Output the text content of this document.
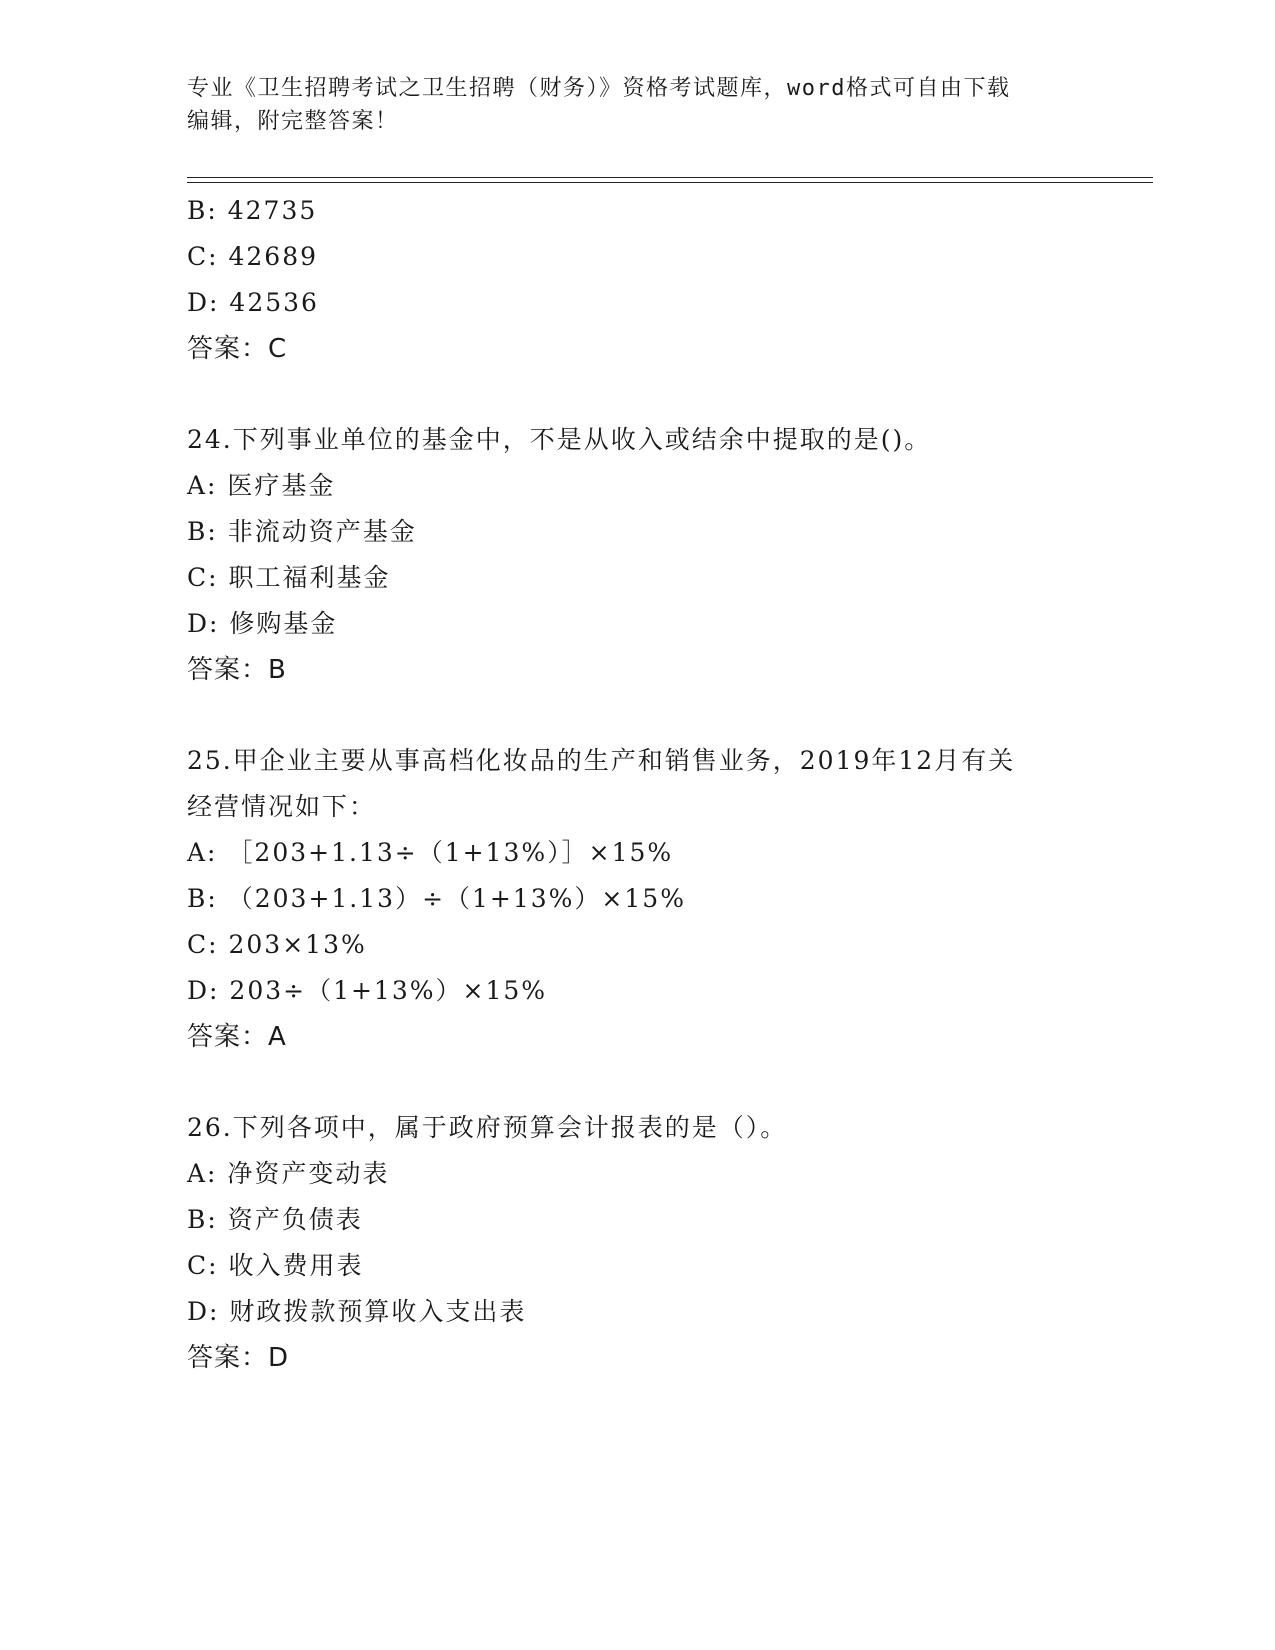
专业《卫生招聘考试之卫生招聘（财务）》资格考试题库，word格式可自由下载
编辑，附完整答案！
B: 42735
C: 42689
D: 42536
答案：C
24.下列事业单位的基金中，不是从收入或结余中提取的是()。
A: 医疗基金
B: 非流动资产基金
C: 职工福利基金
D: 修购基金
答案：B
25.甲企业主要从事高档化妆品的生产和销售业务，2019年12月有关
经营情况如下：
A: ［203+1.13÷（1+13%）］×15%
B: （203+1.13）÷（1+13%）×15%
C: 203×13%
D: 203÷（1+13%）×15%
答案：A
26.下列各项中，属于政府预算会计报表的是（）。
A: 净资产变动表
B: 资产负债表
C: 收入费用表
D: 财政拨款预算收入支出表
答案：D
